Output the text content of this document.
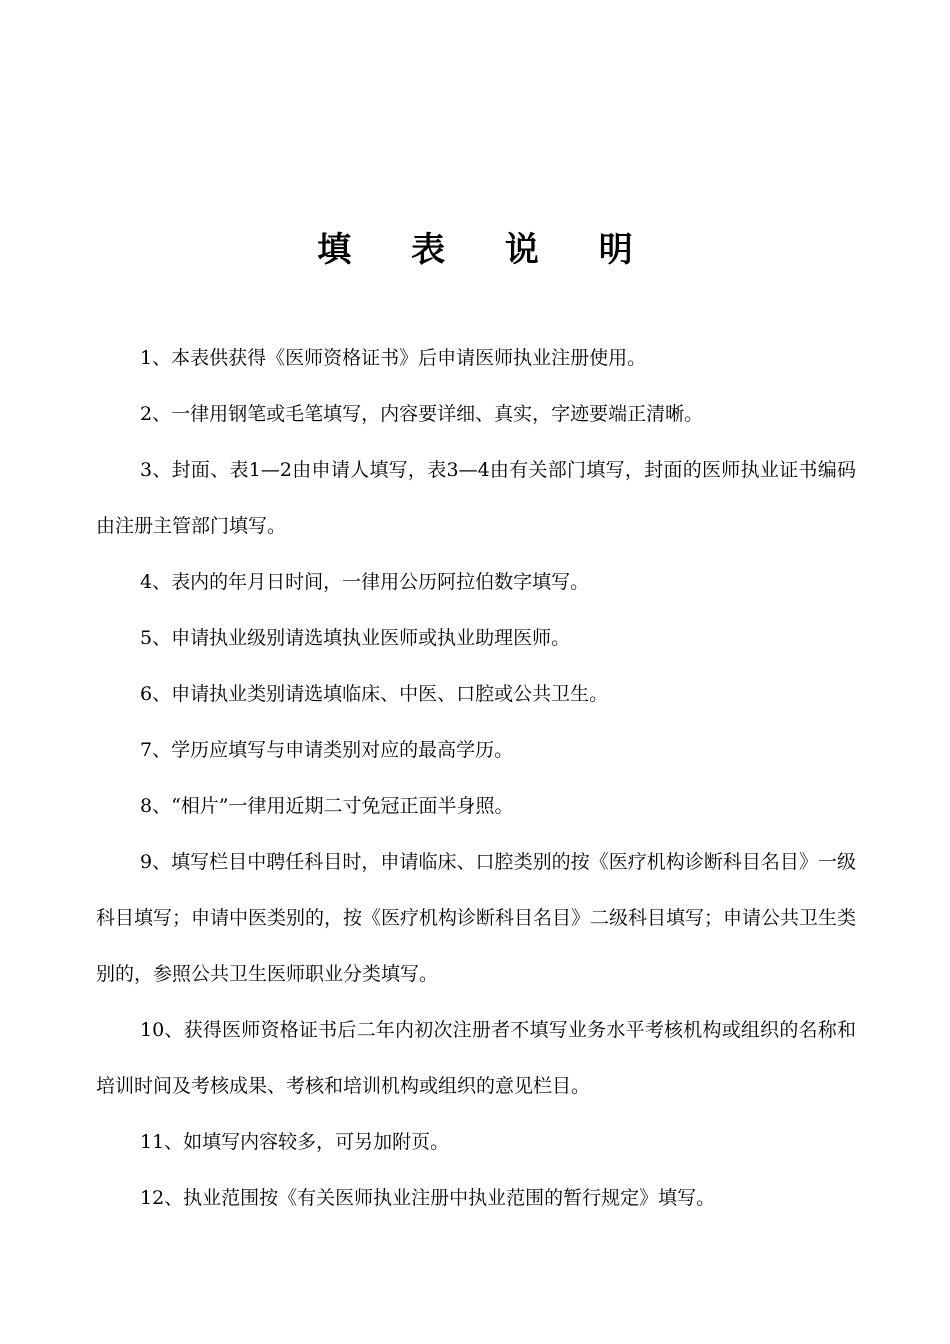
填 表 说 明

1、本表供获得《医师资格证书》后申请医师执业注册使用。

2、一律用钢笔或毛笔填写，内容要详细、真实，字迹要端正清晰。

3、封面、表1—2由申请人填写，表3—4由有关部门填写，封面的医师执业证书编码由注册主管部门填写。

4、表内的年月日时间，一律用公历阿拉伯数字填写。

5、申请执业级别请选填执业医师或执业助理医师。

6、申请执业类别请选填临床、中医、口腔或公共卫生。

7、学历应填写与申请类别对应的最高学历。

8、“相片”一律用近期二寸免冠正面半身照。

9、填写栏目中聘任科目时，申请临床、口腔类别的按《医疗机构诊断科目名目》一级科目填写；申请中医类别的，按《医疗机构诊断科目名目》二级科目填写；申请公共卫生类别的，参照公共卫生医师职业分类填写。

10、获得医师资格证书后二年内初次注册者不填写业务水平考核机构或组织的名称和培训时间及考核成果、考核和培训机构或组织的意见栏目。

11、如填写内容较多，可另加附页。

12、执业范围按《有关医师执业注册中执业范围的暂行规定》填写。
